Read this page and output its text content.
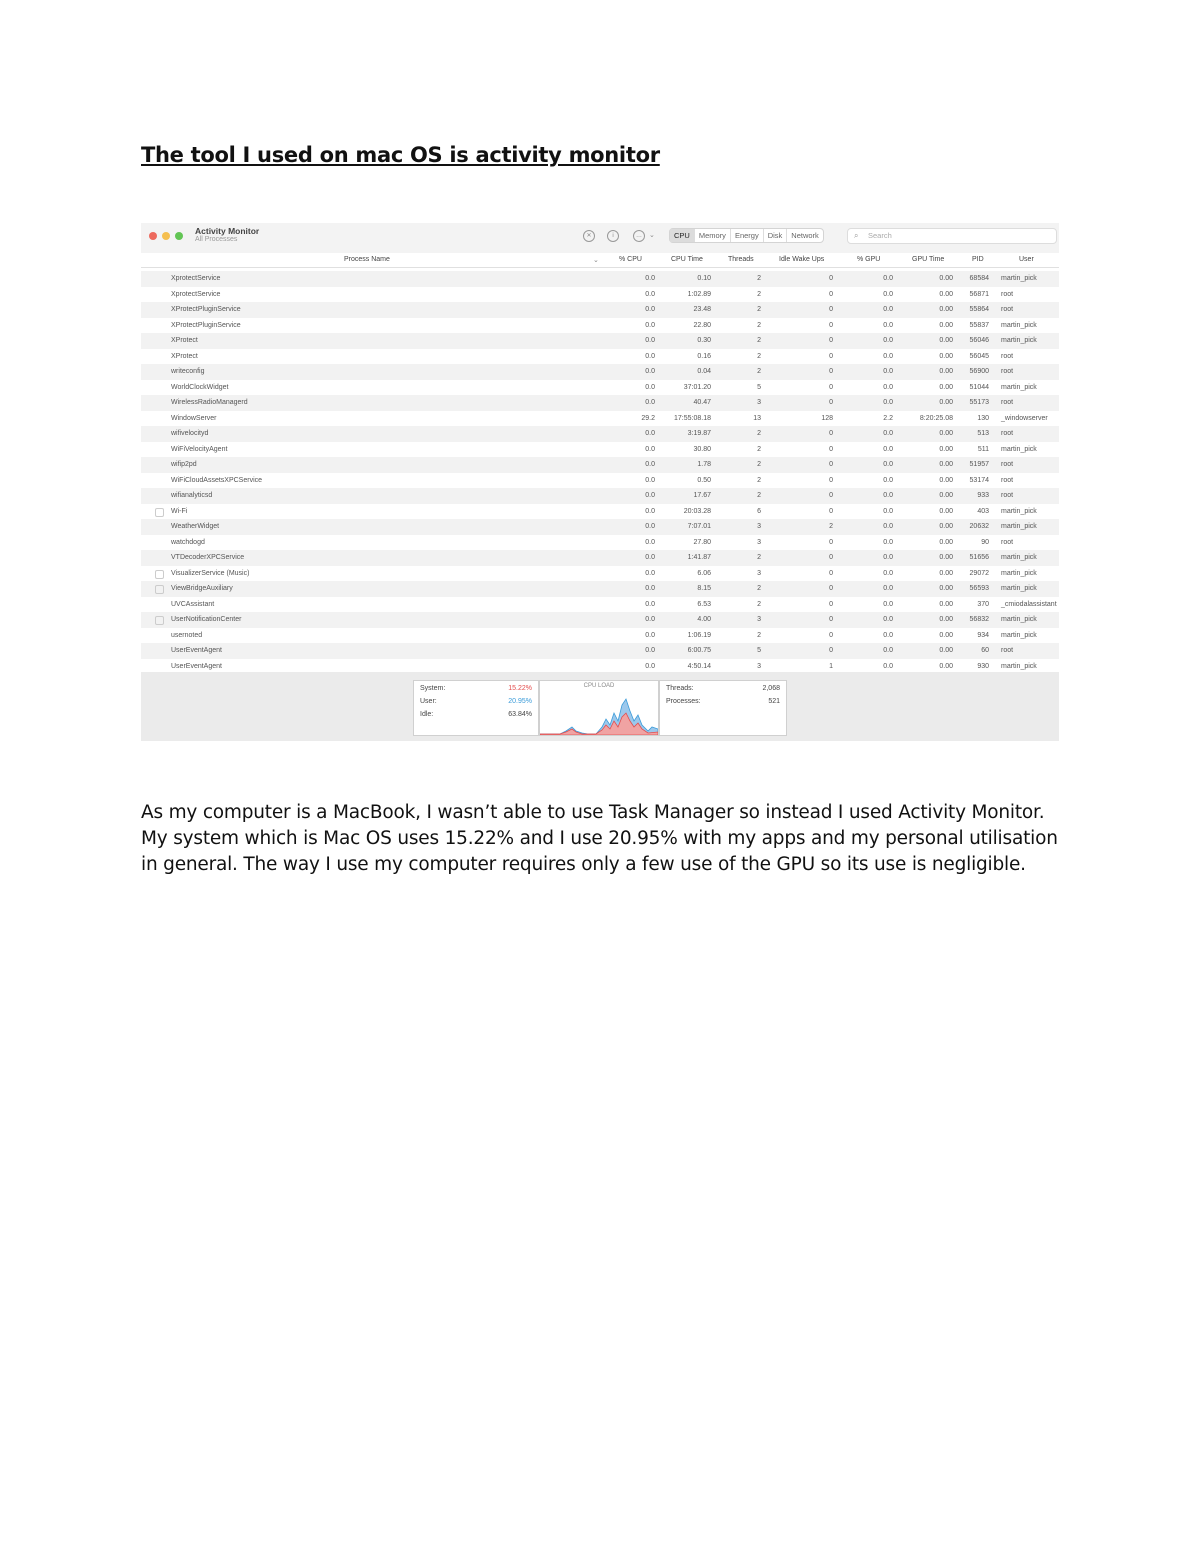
The tool I used on mac OS is activity monitor
Activity Monitor
All Processes	✕	i	…	⌄	CPU	Memory	Energy	Disk	Network	⌕ Search
Process Name	⌄	% CPU	CPU Time	Threads	Idle Wake Ups	% GPU	GPU Time	PID	User
XprotectService	0.0	0.10	2	0	0.0	0.00	68584 martin_pick
XprotectService	0.0	1:02.89	2	0	0.0	0.00	56871 root
XProtectPluginService	0.0	23.48	2	0	0.0	0.00	55864 root
XProtectPluginService	0.0	22.80	2	0	0.0	0.00	55837 martin_pick
XProtect	0.0	0.30	2	0	0.0	0.00	56046 martin_pick
XProtect	0.0	0.16	2	0	0.0	0.00	56045 root
writeconfig	0.0	0.04	2	0	0.0	0.00	56900 root
WorldClockWidget	0.0	37:01.20	5	0	0.0	0.00	51044 martin_pick
WirelessRadioManagerd	0.0	40.47	3	0	0.0	0.00	55173 root
WindowServer	29.2	17:55:08.18	13	128	2.2	8:20:25.08	130 _windowserver
wifivelocityd	0.0	3:19.87	2	0	0.0	0.00	513 root
WiFiVelocityAgent	0.0	30.80	2	0	0.0	0.00	511 martin_pick
wifip2pd	0.0	1.78	2	0	0.0	0.00	51957 root
WiFiCloudAssetsXPCService	0.0	0.50	2	0	0.0	0.00	53174 root
wifianalyticsd	0.0	17.67	2	0	0.0	0.00	933 root
Wi-Fi	0.0	20:03.28	6	0	0.0	0.00	403 martin_pick
WeatherWidget	0.0	7:07.01	3	2	0.0	0.00	20632 martin_pick
watchdogd	0.0	27.80	3	0	0.0	0.00	90 root
VTDecoderXPCService	0.0	1:41.87	2	0	0.0	0.00	51656 martin_pick
VisualizerService (Music)	0.0	6.06	3	0	0.0	0.00	29072 martin_pick
ViewBridgeAuxiliary	0.0	8.15	2	0	0.0	0.00	56593 martin_pick
UVCAssistant	0.0	6.53	2	0	0.0	0.00	370 _cmiodalassistant
UserNotificationCenter	0.0	4.00	3	0	0.0	0.00	56832 martin_pick
usernoted	0.0	1:06.19	2	0	0.0	0.00	934 martin_pick
UserEventAgent	0.0	6:00.75	5	0	0.0	0.00	60 root
UserEventAgent	0.0	4:50.14	3	1	0.0	0.00	930 martin_pick
System:	15.22%
User:	20.95%
Idle:	63.84%
CPU LOAD	Threads:	2,068
Processes:	521

As my computer is a MacBook, I wasn’t able to use Task Manager so instead I used Activity Monitor. My system which is Mac OS uses 15.22% and I use 20.95% with my apps and my personal utilisation in general. The way I use my computer requires only a few use of the GPU so its use is negligible.
